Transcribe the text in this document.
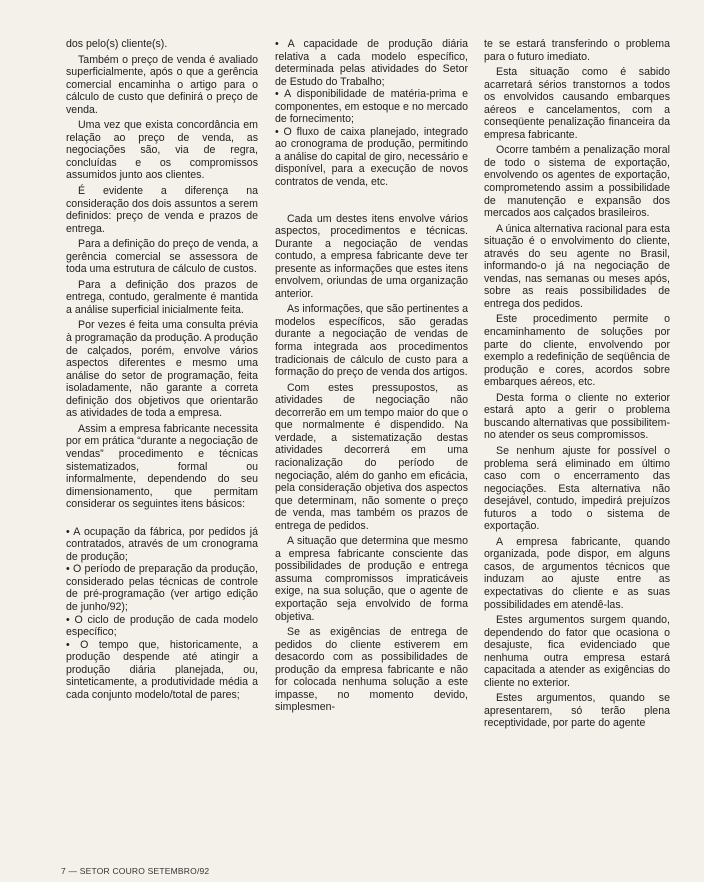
dos pelo(s) cliente(s).

Também o preço de venda é avaliado superficialmente, após o que a gerência comercial encaminha o artigo para o cálculo de custo que definirá o preço de venda.

Uma vez que exista concordância em relação ao preço de venda, as negociações são, via de regra, concluídas e os compromissos assumidos junto aos clientes.

É evidente a diferença na consideração dos dois assuntos a serem definidos: preço de venda e prazos de entrega.

Para a definição do preço de venda, a gerência comercial se assessora de toda uma estrutura de cálculo de custos.

Para a definição dos prazos de entrega, contudo, geralmente é mantida a análise superficial inicialmente feita.

Por vezes é feita uma consulta prévia à programação da produção. A produção de calçados, porém, envolve vários aspectos diferentes e mesmo uma análise do setor de programação, feita isoladamente, não garante a correta definição dos objetivos que orientarão as atividades de toda a empresa.

Assim a empresa fabricante necessita por em prática “durante a negociação de vendas” procedimento e técnicas sistematizados, formal ou informalmente, dependendo do seu dimensionamento, que permitam considerar os seguintes itens básicos:

• A ocupação da fábrica, por pedidos já contratados, através de um cronograma de produção;

• O período de preparação da produção, considerado pelas técnicas de controle de pré-programação (ver artigo edição de junho/92);

• O ciclo de produção de cada modelo específico;

• O tempo que, historicamente, a produção despende até atingir a produção diária planejada, ou, sinteticamente, a produtividade média a cada conjunto modelo/total de pares;

• A capacidade de produção diária relativa a cada modelo específico, determinada pelas atividades do Setor de Estudo do Trabalho;

• A disponibilidade de matéria-prima e componentes, em estoque e no mercado de fornecimento;

• O fluxo de caixa planejado, integrado ao cronograma de produção, permitindo a análise do capital de giro, necessário e disponível, para a execução de novos contratos de venda, etc.

Cada um destes itens envolve vários aspectos, procedimentos e técnicas. Durante a negociação de vendas contudo, a empresa fabricante deve ter presente as informações que estes itens envolvem, oriundas de uma organização anterior.

As informações, que são pertinentes a modelos específicos, são geradas durante a negociação de vendas de forma integrada aos procedimentos tradicionais de cálculo de custo para a formação do preço de venda dos artigos.

Com estes pressupostos, as atividades de negociação não decorrerão em um tempo maior do que o que normalmente é dispendido. Na verdade, a sistematização destas atividades decorrerá em uma racionalização do período de negociação, além do ganho em eficácia, pela consideração objetiva dos aspectos que determinam, não somente o preço de venda, mas também os prazos de entrega de pedidos.

A situação que determina que mesmo a empresa fabricante consciente das possibilidades de produção e entrega assuma compromissos impraticáveis exige, na sua solução, que o agente de exportação seja envolvido de forma objetiva.

Se as exigências de entrega de pedidos do cliente estiverem em desacordo com as possibilidades de produção da empresa fabricante e não for colocada nenhuma solução a este impasse, no momento devido, simplesmen-

te se estará transferindo o problema para o futuro imediato.

Esta situação como é sabido acarretará sérios transtornos a todos os envolvidos causando embarques aéreos e cancelamentos, com a conseqüente penalização financeira da empresa fabricante.

Ocorre também a penalização moral de todo o sistema de exportação, envolvendo os agentes de exportação, comprometendo assim a possibilidade de manutenção e expansão dos mercados aos calçados brasileiros.

A única alternativa racional para esta situação é o envolvimento do cliente, através do seu agente no Brasil, informando-o já na negociação de vendas, nas semanas ou meses após, sobre as reais possibilidades de entrega dos pedidos.

Este procedimento permite o encaminhamento de soluções por parte do cliente, envolvendo por exemplo a redefinição de seqüência de produção e cores, acordos sobre embarques aéreos, etc.

Desta forma o cliente no exterior estará apto a gerir o problema buscando alternativas que possibilitem-no atender os seus compromissos.

Se nenhum ajuste for possível o problema será eliminado em último caso com o encerramento das negociações. Esta alternativa não desejável, contudo, impedirá prejuízos futuros a todo o sistema de exportação.

A empresa fabricante, quando organizada, pode dispor, em alguns casos, de argumentos técnicos que induzam ao ajuste entre as expectativas do cliente e as suas possibilidades em atendê-las.

Estes argumentos surgem quando, dependendo do fator que ocasiona o desajuste, fica evidenciado que nenhuma outra empresa estará capacitada a atender as exigências do cliente no exterior.

Estes argumentos, quando se apresentarem, só terão plena receptividade, por parte do agente

7 — SETOR COURO SETEMBRO/92
